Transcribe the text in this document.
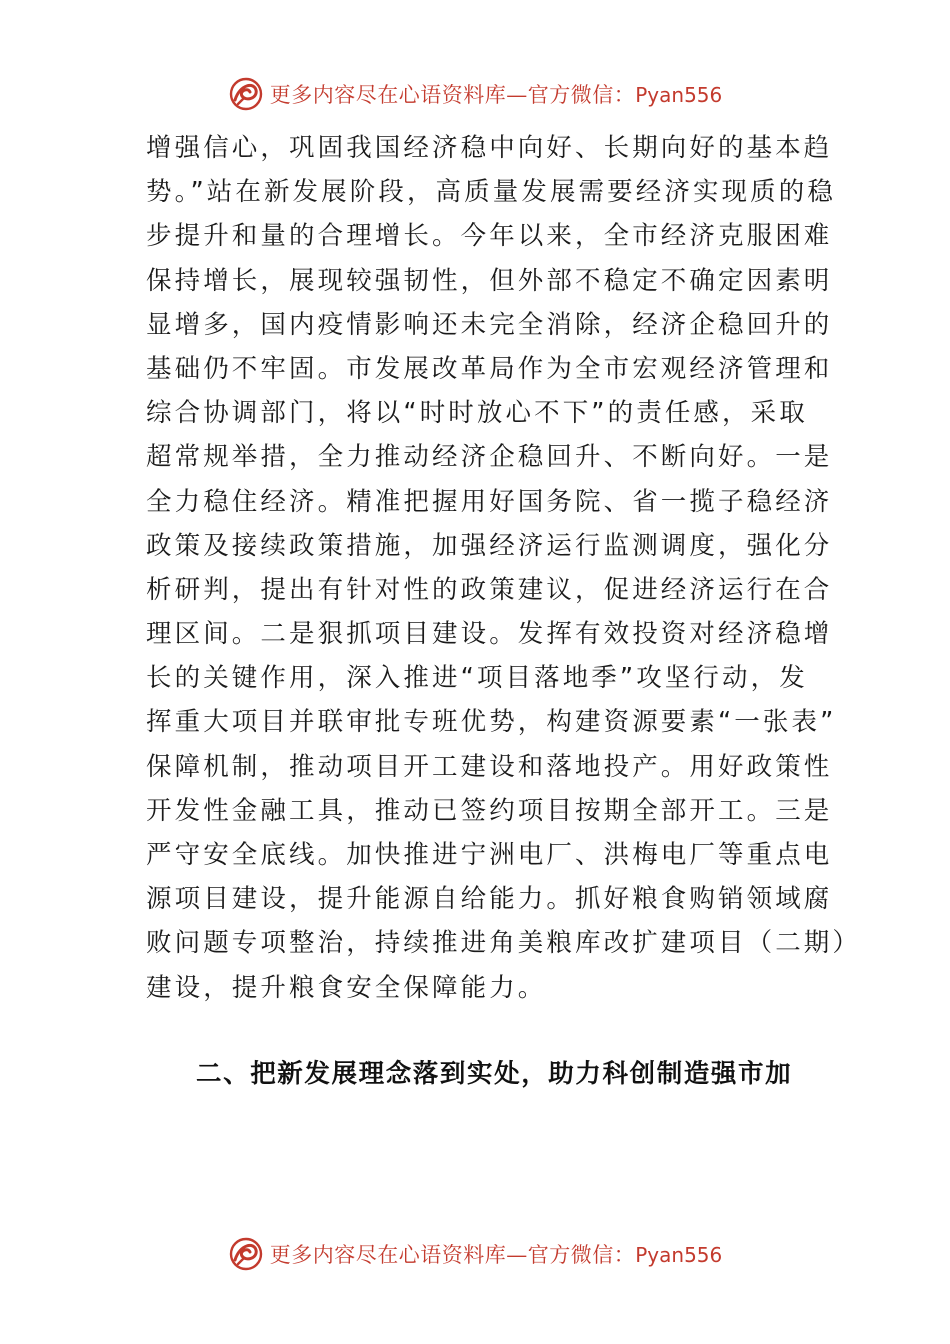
更多内容尽在心语资料库—官方微信：Pyan556
增强信心，巩固我国经济稳中向好、长期向好的基本趋
势。”站在新发展阶段，高质量发展需要经济实现质的稳
步提升和量的合理增长。今年以来，全市经济克服困难
保持增长，展现较强韧性，但外部不稳定不确定因素明
显增多，国内疫情影响还未完全消除，经济企稳回升的
基础仍不牢固。市发展改革局作为全市宏观经济管理和
综合协调部门，将以“时时放心不下”的责任感，采取
超常规举措，全力推动经济企稳回升、不断向好。一是
全力稳住经济。精准把握用好国务院、省一揽子稳经济
政策及接续政策措施，加强经济运行监测调度，强化分
析研判，提出有针对性的政策建议，促进经济运行在合
理区间。二是狠抓项目建设。发挥有效投资对经济稳增
长的关键作用，深入推进“项目落地季”攻坚行动，发
挥重大项目并联审批专班优势，构建资源要素“一张表”
保障机制，推动项目开工建设和落地投产。用好政策性
开发性金融工具，推动已签约项目按期全部开工。三是
严守安全底线。加快推进宁洲电厂、洪梅电厂等重点电
源项目建设，提升能源自给能力。抓好粮食购销领域腐
败问题专项整治，持续推进角美粮库改扩建项目（二期）
建设，提升粮食安全保障能力。
二、把新发展理念落到实处，助力科创制造强市加
更多内容尽在心语资料库—官方微信：Pyan556
